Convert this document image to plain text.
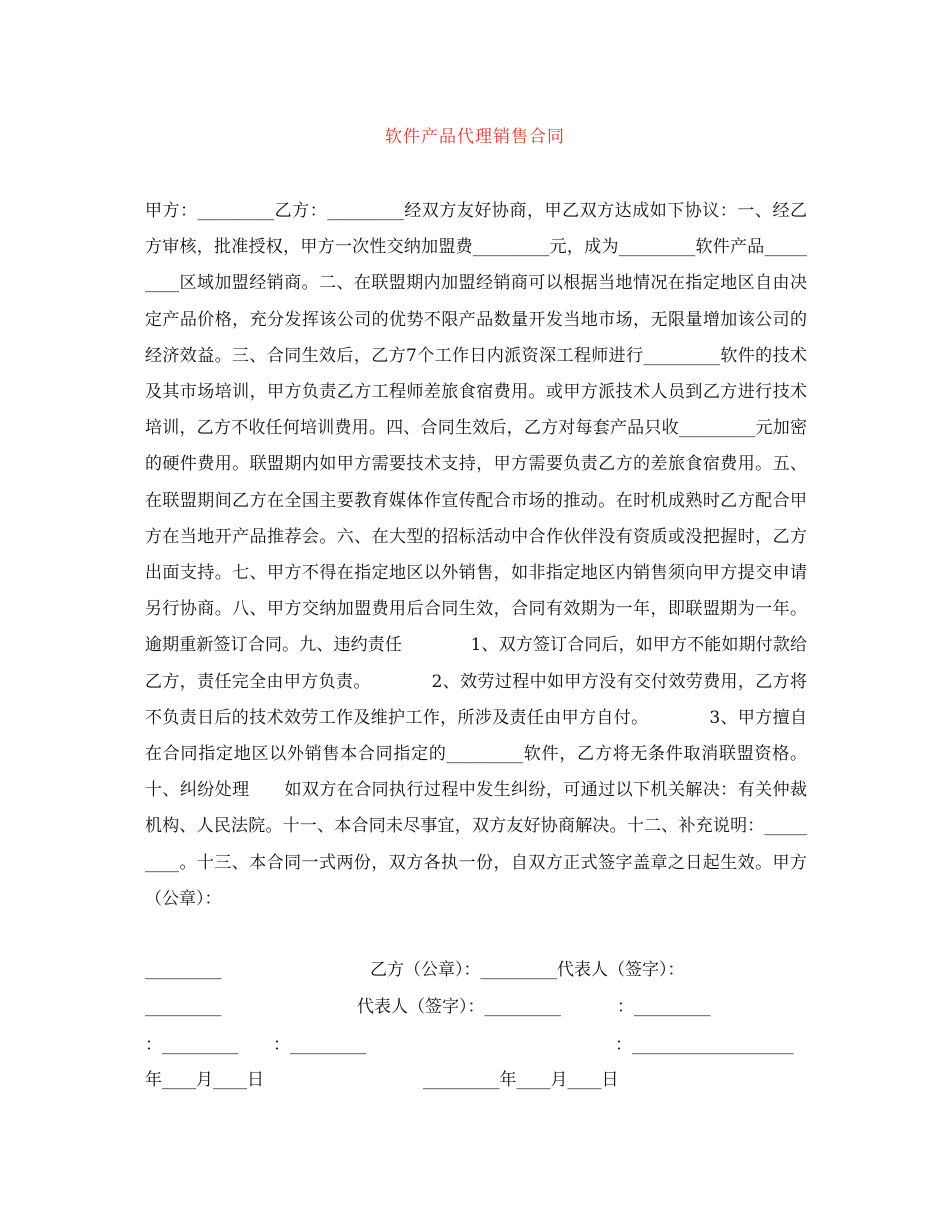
软件产品代理销售合同

甲方：_________乙方：_________经双方友好协商，甲乙双方达成如下协议：一、经乙方审核，批准授权，甲方一次性交纳加盟费_________元，成为_________软件产品_________区域加盟经销商。二、在联盟期内加盟经销商可以根据当地情况在指定地区自由决定产品价格，充分发挥该公司的优势不限产品数量开发当地市场，无限量增加该公司的经济效益。三、合同生效后，乙方7个工作日内派资深工程师进行_________软件的技术及其市场培训，甲方负责乙方工程师差旅食宿费用。或甲方派技术人员到乙方进行技术培训，乙方不收任何培训费用。四、合同生效后，乙方对每套产品只收_________元加密的硬件费用。联盟期内如甲方需要技术支持，甲方需要负责乙方的差旅食宿费用。五、在联盟期间乙方在全国主要教育媒体作宣传配合市场的推动。在时机成熟时乙方配合甲方在当地开产品推荐会。六、在大型的招标活动中合作伙伴没有资质或没把握时，乙方出面支持。七、甲方不得在指定地区以外销售，如非指定地区内销售须向甲方提交申请另行协商。八、甲方交纳加盟费用后合同生效，合同有效期为一年，即联盟期为一年。逾期重新签订合同。九、违约责任　　　　1、双方签订合同后，如甲方不能如期付款给乙方，责任完全由甲方负责。　　　　2、效劳过程中如甲方没有交付效劳费用，乙方将不负责日后的技术效劳工作及维护工作，所涉及责任由甲方自付。　　　　3、甲方擅自在合同指定地区以外销售本合同指定的_________软件，乙方将无条件取消联盟资格。十、纠纷处理　　如双方在合同执行过程中发生纠纷，可通过以下机关解决：有关仲裁机构、人民法院。十一、本合同未尽事宜，双方友好协商解决。十二、补充说明：_________。十三、本合同一式两份，双方各执一份，自双方正式签字盖章之日起生效。甲方（公章）：

_________	乙方（公章）：_________代表人（签字）：
_________	代表人（签字）：_________	：_________
：_________ ：_________	：___________________
年____月____日	_________年____月____日
